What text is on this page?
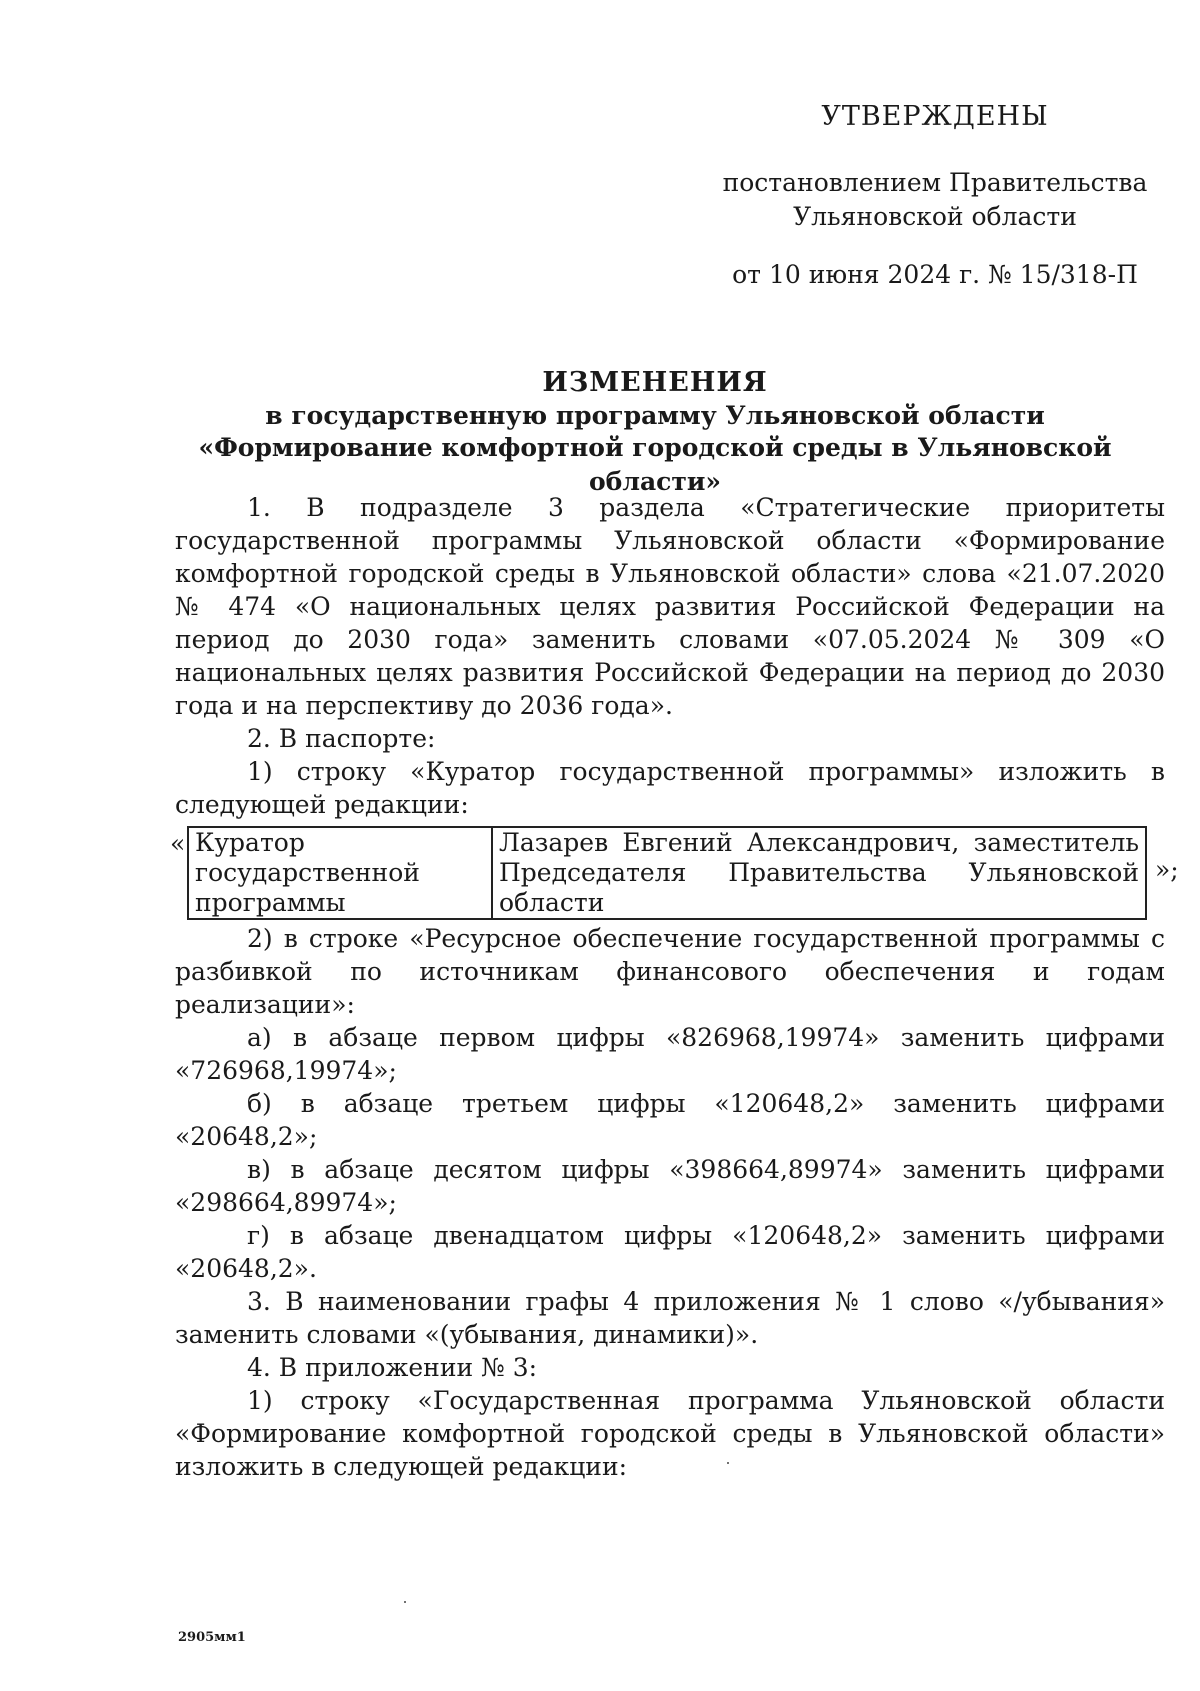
УТВЕРЖДЕНЫ
постановлением Правительства Ульяновской области
от 10 июня 2024 г. № 15/318-П
ИЗМЕНЕНИЯ
в государственную программу Ульяновской области
«Формирование комфортной городской среды в Ульяновской области»

1. В подразделе 3 раздела «Стратегические приоритеты государственной программы Ульяновской области «Формирование комфортной городской среды в Ульяновской области» слова «21.07.2020 № 474 «О национальных целях развития Российской Федерации на период до 2030 года» заменить словами «07.05.2024 № 309 «О национальных целях развития Российской Федерации на период до 2030 года и на перспективу до 2036 года».

2. В паспорте:

1) строку «Куратор государственной программы» изложить в следующей редакции:

« Куратор государственной программы	Лазарев Евгений Александрович, заместитель Председателя Правительства Ульяновской области
»;

2) в строке «Ресурсное обеспечение государственной программы с разбивкой по источникам финансового обеспечения и годам реализации»:

а) в абзаце первом цифры «826968,19974» заменить цифрами «726968,19974»;

б) в абзаце третьем цифры «120648,2» заменить цифрами «20648,2»;

в) в абзаце десятом цифры «398664,89974» заменить цифрами «298664,89974»;

г) в абзаце двенадцатом цифры «120648,2» заменить цифрами «20648,2».

3. В наименовании графы 4 приложения № 1 слово «/убывания» заменить словами «(убывания, динамики)».

4. В приложении № 3:

1) строку «Государственная программа Ульяновской области «Формирование комфортной городской среды в Ульяновской области» изложить в следующей редакции:

2905мм1
